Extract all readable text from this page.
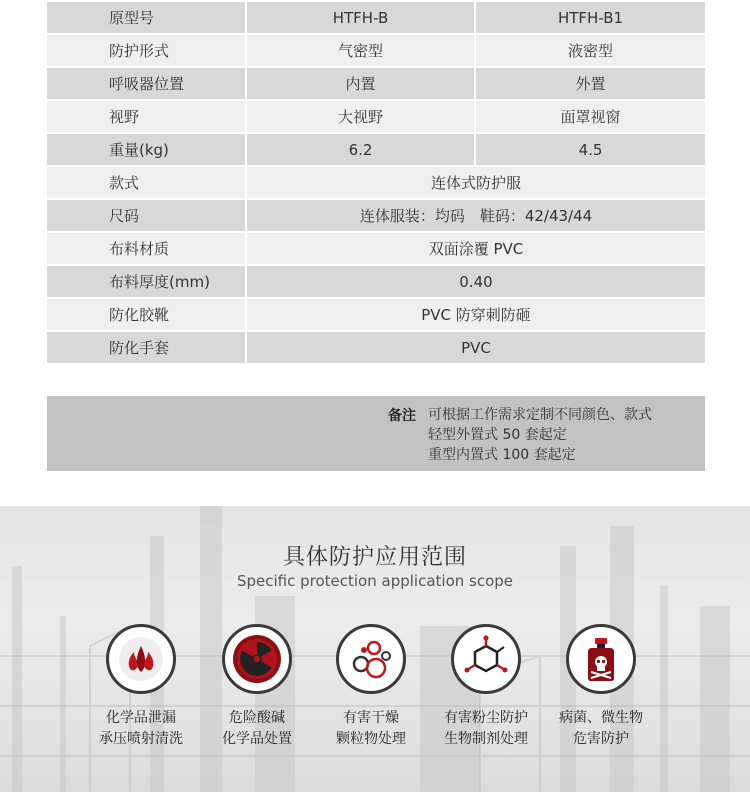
原型号	HTFH-B	HTFH-B1
防护形式	气密型	液密型
呼吸器位置	内置	外置
视野	大视野	面罩视窗
重量(kg)	6.2	4.5
款式	连体式防护服
尺码	连体服装：均码　鞋码：42/43/44
布料材质	双面涂覆 PVC
布料厚度(mm)	0.40
防化胶靴	PVC 防穿刺防砸
防化手套	PVC
备注 可根据工作需求定制不同颜色、款式
轻型外置式 50 套起定
重型内置式 100 套起定
具体防护应用范围
Specific protection application scope
化学品泄漏
承压喷射清洗
危险酸碱
化学品处置
有害干燥
颗粒物处理
有害粉尘防护
生物制剂处理
病菌、微生物
危害防护
